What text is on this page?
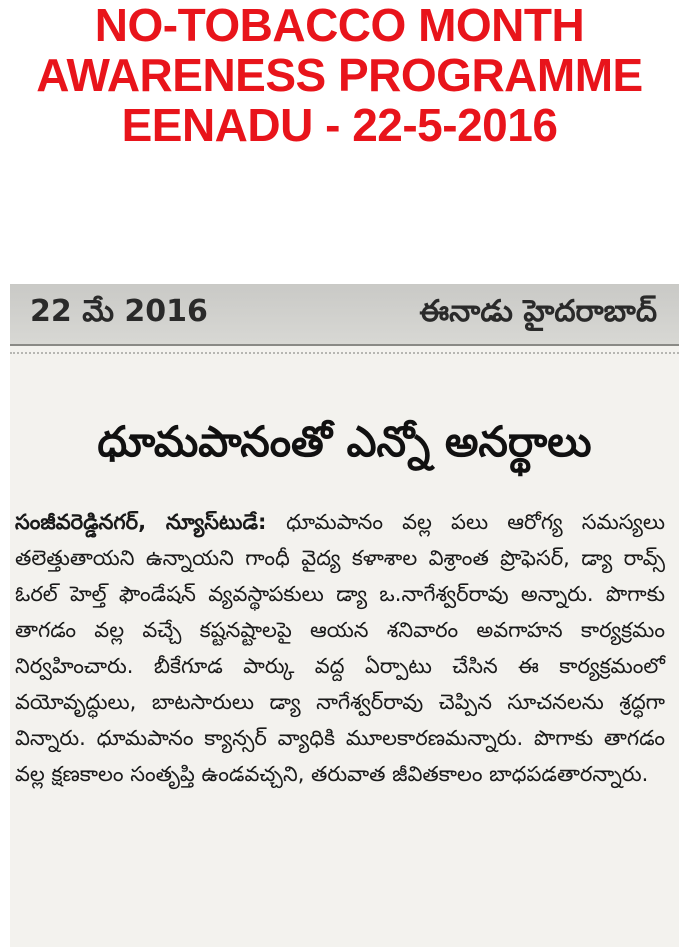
NO-TOBACCO MONTH
AWARENESS PROGRAMME
EENADU - 22-5-2016
22 మే 2016	ఈనాడు హైదరాబాద్
ధూమపానంతో ఎన్నో అనర్థాలు
సంజీవరెడ్డినగర్, న్యూస్‌టుడే: ధూమపానం వల్ల పలు ఆరోగ్య సమస్యలు తలెత్తుతాయని ఉన్నాయని గాంధీ వైద్య కళాశాల విశ్రాంత ప్రొఫెసర్, డ్యా రావ్స్ ఓరల్ హెల్త్ ఫౌండేషన్ వ్యవస్థాపకులు డ్యా ఒ.నాగేశ్వర్‌రావు అన్నారు. పొగాకు తాగడం వల్ల వచ్చే కష్టనష్టాలపై ఆయన శనివారం అవగాహన కార్యక్రమం నిర్వహించారు. బీకేగూడ పార్కు వద్ద ఏర్పాటు చేసిన ఈ కార్యక్రమంలో వయోవృద్ధులు, బాటసారులు డ్యా నాగేశ్వర్‌రావు చెప్పిన సూచనలను శ్రద్ధగా విన్నారు. ధూమపానం క్యాన్సర్ వ్యాధికి మూలకారణమన్నారు. పొగాకు తాగడం వల్ల క్షణకాలం సంతృప్తి ఉండవచ్చని, తరువాత జీవితకాలం బాధపడతారన్నారు.
